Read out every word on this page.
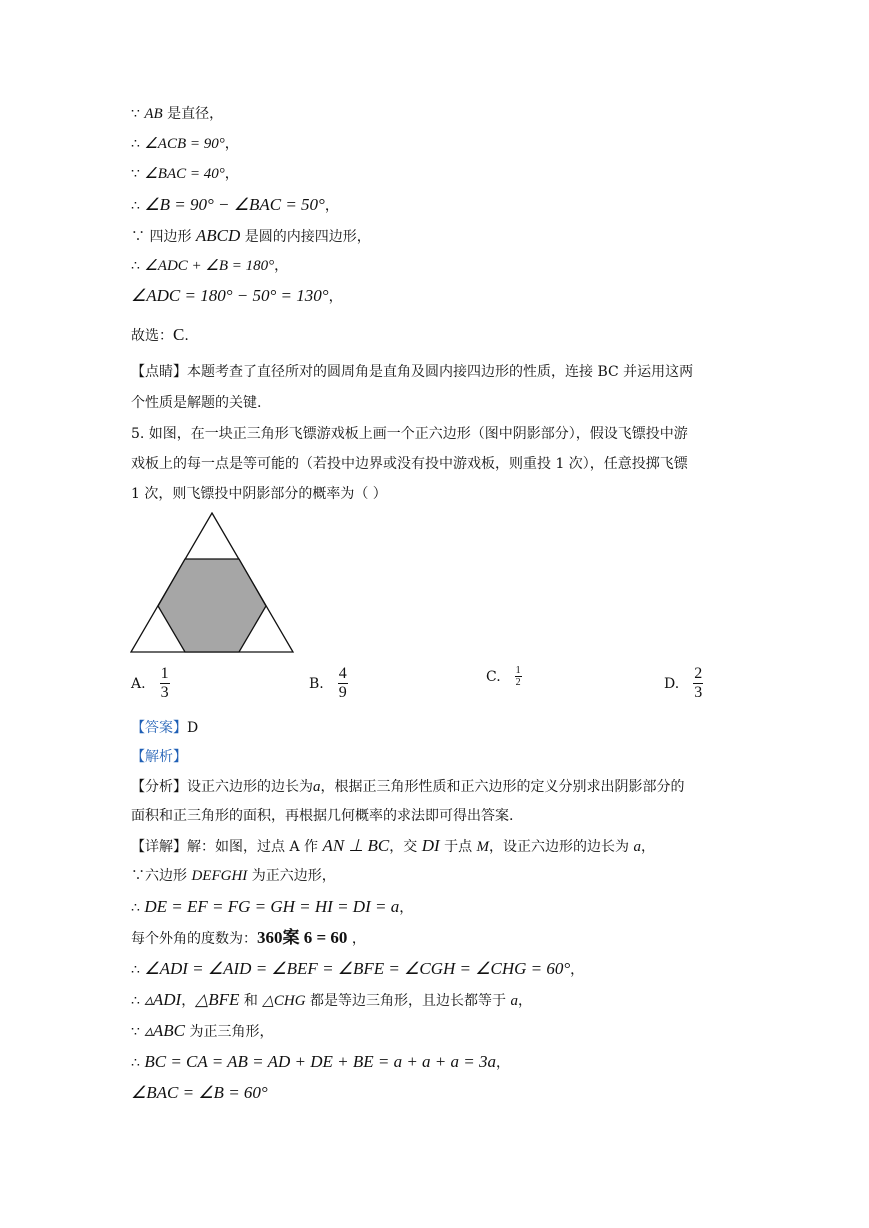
∵ AB 是直径，
∴ ∠ACB = 90°，
∵ ∠BAC = 40°，
∴ ∠B = 90° − ∠BAC = 50°，
∵ 四边形 ABCD 是圆的内接四边形，
∴ ∠ADC + ∠B = 180°，
∠ADC = 180° − 50° = 130°，
故选：C.
【点睛】本题考查了直径所对的圆周角是直角及圆内接四边形的性质，连接 BC 并运用这两
个性质是解题的关键.
5. 如图，在一块正三角形飞镖游戏板上画一个正六边形（图中阴影部分），假设飞镖投中游
戏板上的每一点是等可能的（若投中边界或没有投中游戏板，则重投 1 次），任意投掷飞镖
1 次，则飞镖投中阴影部分的概率为（ ）
A. $\frac{1}{3}$	B. $\frac{4}{9}$	C. $\frac{1}{2}$	D. $\frac{2}{3}$
【答案】D
【解析】
【分析】设正六边形的边长为a，根据正三角形性质和正六边形的定义分别求出阴影部分的
面积和正三角形的面积，再根据几何概率的求法即可得出答案.
【详解】解：如图，过点 A 作 AN ⊥ BC，交 DI 于点 M，设正六边形的边长为 a，
∵六边形 DEFGHI 为正六边形，
∴ DE = EF = FG = GH = HI = DI = a，
每个外角的度数为：360案 6 = 60 ，
∴ ∠ADI = ∠AID = ∠BEF = ∠BFE = ∠CGH = ∠CHG = 60°，
∴ ▵ADI，△BFE 和 △CHG 都是等边三角形，且边长都等于 a，
∵ ▵ABC 为正三角形，
∴ BC = CA = AB = AD + DE + BE = a + a + a = 3a，
∠BAC = ∠B = 60°
